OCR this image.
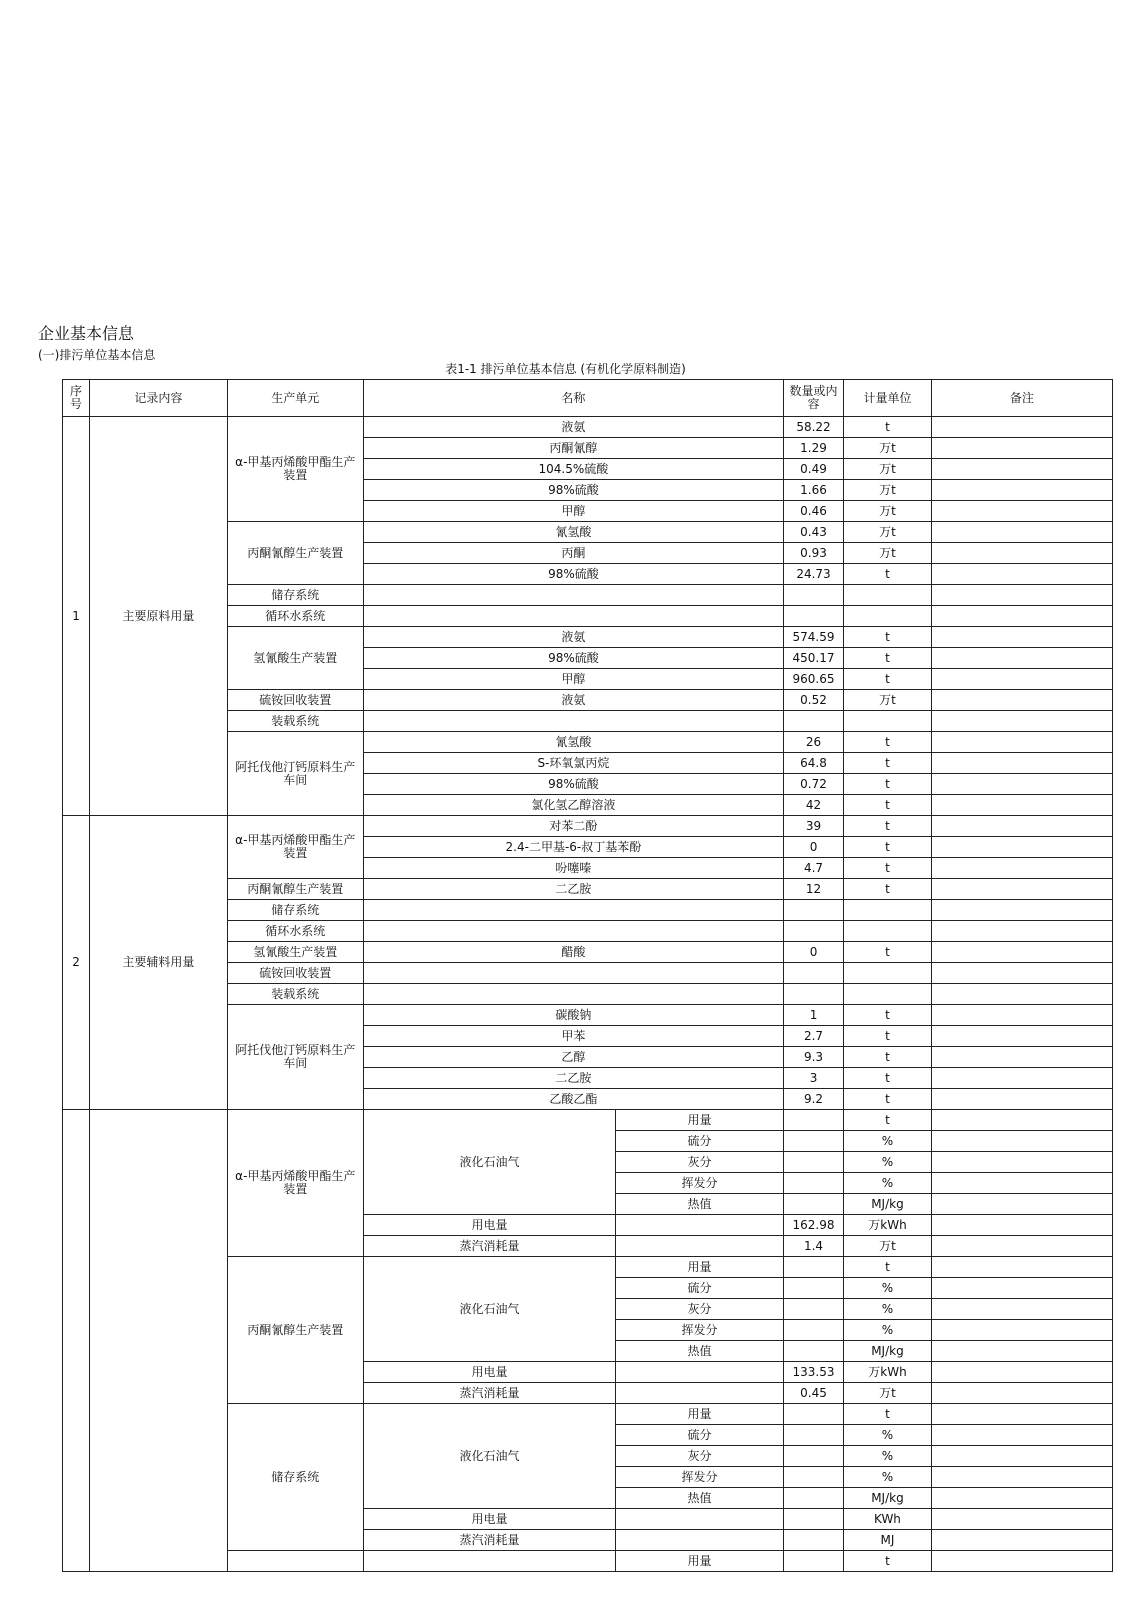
企业基本信息
(一)排污单位基本信息
表1-1 排污单位基本信息 (有机化学原料制造)
序号	记录内容	生产单元	名称		数量或内容	计量单位	备注
1	主要原料用量	α-甲基丙烯酸甲酯生产装置	液氨		58.22	t	
			丙酮氰醇		1.29	万t	
			104.5%硫酸		0.49	万t	
			98%硫酸		1.66	万t	
			甲醇		0.46	万t	
		丙酮氰醇生产装置	氰氢酸		0.43	万t	
			丙酮		0.93	万t	
			98%硫酸		24.73	t	
		储存系统					
		循环水系统					
		氢氰酸生产装置	液氨		574.59	t	
			98%硫酸		450.17	t	
			甲醇		960.65	t	
		硫铵回收装置	液氨		0.52	万t	
		装载系统					
		阿托伐他汀钙原料生产车间	氰氢酸		26	t	
			S-环氧氯丙烷		64.8	t	
			98%硫酸		0.72	t	
			氯化氢乙醇溶液		42	t	
2	主要辅料用量	α-甲基丙烯酸甲酯生产装置	对苯二酚		39	t	
			2.4-二甲基-6-叔丁基苯酚		0	t	
			吩噻嗪		4.7	t	
		丙酮氰醇生产装置	二乙胺		12	t	
		储存系统					
		循环水系统					
		氢氰酸生产装置	醋酸		0	t	
		硫铵回收装置					
		装载系统					
		阿托伐他汀钙原料生产车间	碳酸钠		1	t	
			甲苯		2.7	t	
			乙醇		9.3	t	
			二乙胺		3	t	
			乙酸乙酯		9.2	t	
		α-甲基丙烯酸甲酯生产装置	液化石油气	用量		t	
				硫分		%	
				灰分		%	
				挥发分		%	
				热值		MJ/kg	
			用电量		162.98	万kWh	
			蒸汽消耗量		1.4	万t	
		丙酮氰醇生产装置	液化石油气	用量		t	
				硫分		%	
				灰分		%	
				挥发分		%	
				热值		MJ/kg	
			用电量		133.53	万kWh	
			蒸汽消耗量		0.45	万t	
		储存系统	液化石油气	用量		t	
				硫分		%	
				灰分		%	
				挥发分		%	
				热值		MJ/kg	
			用电量			KWh	
			蒸汽消耗量			MJ	
				用量		t	
